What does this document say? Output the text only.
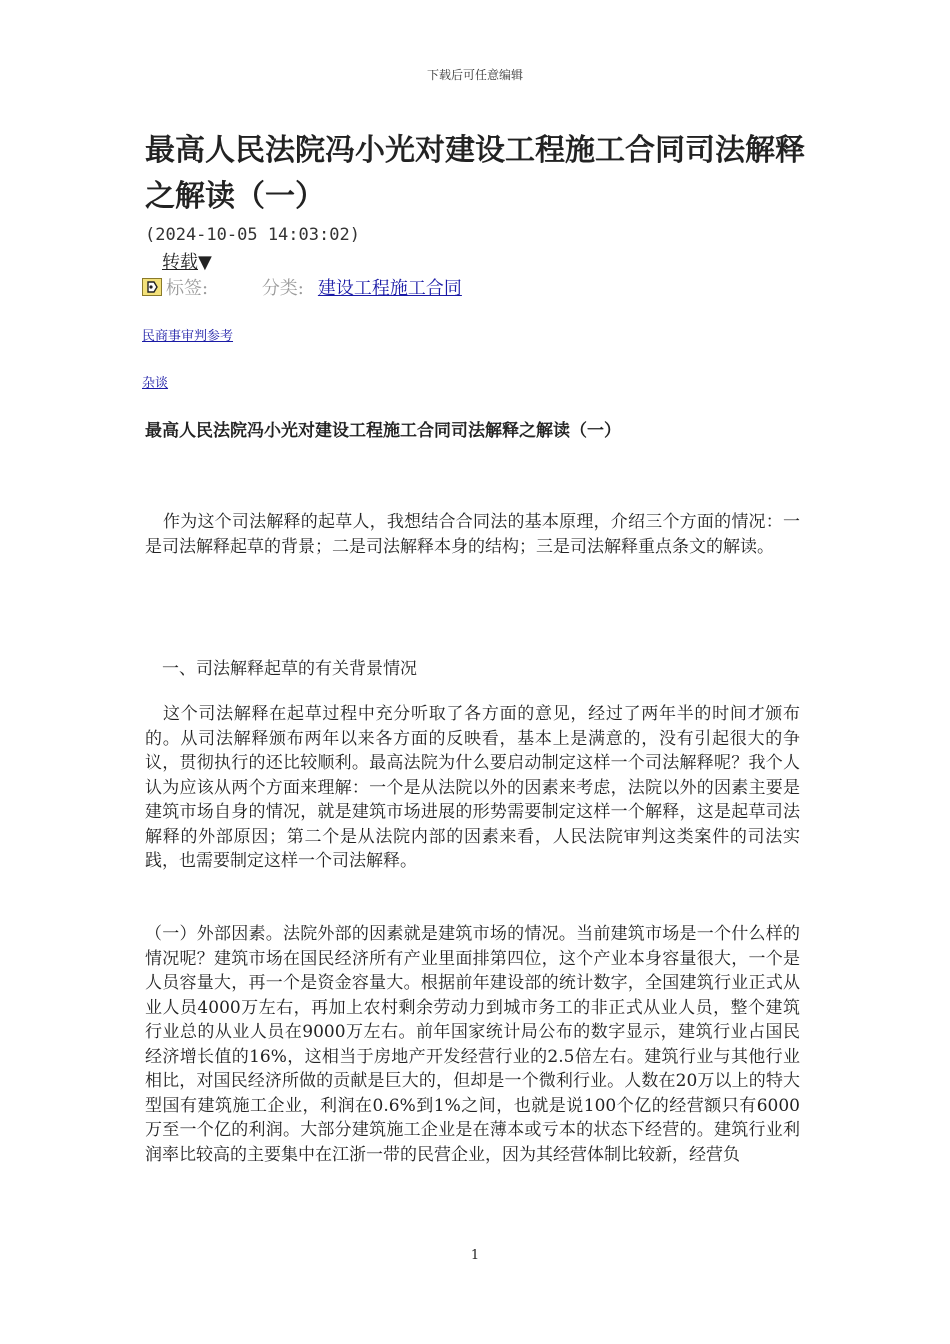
下载后可任意编辑
最高人民法院冯小光对建设工程施工合同司法解释之解读（一）
(2024-10-05 14:03:02)
转载▼
标签:	分类: 建设工程施工合同
民商事审判参考
杂谈
最高人民法院冯小光对建设工程施工合同司法解释之解读（一）

作为这个司法解释的起草人，我想结合合同法的基本原理，介绍三个方面的情况：一是司法解释起草的背景；二是司法解释本身的结构；三是司法解释重点条文的解读。

一、司法解释起草的有关背景情况

这个司法解释在起草过程中充分听取了各方面的意见，经过了两年半的时间才颁布的。从司法解释颁布两年以来各方面的反映看，基本上是满意的，没有引起很大的争议，贯彻执行的还比较顺利。最高法院为什么要启动制定这样一个司法解释呢？我个人认为应该从两个方面来理解：一个是从法院以外的因素来考虑，法院以外的因素主要是建筑市场自身的情况，就是建筑市场进展的形势需要制定这样一个解释，这是起草司法解释的外部原因；第二个是从法院内部的因素来看，人民法院审判这类案件的司法实践，也需要制定这样一个司法解释。

（一）外部因素。法院外部的因素就是建筑市场的情况。当前建筑市场是一个什么样的情况呢？建筑市场在国民经济所有产业里面排第四位，这个产业本身容量很大，一个是人员容量大，再一个是资金容量大。根据前年建设部的统计数字，全国建筑行业正式从业人员4000万左右，再加上农村剩余劳动力到城市务工的非正式从业人员，整个建筑行业总的从业人员在9000万左右。前年国家统计局公布的数字显示，建筑行业占国民经济增长值的16%，这相当于房地产开发经营行业的2.5倍左右。建筑行业与其他行业相比，对国民经济所做的贡献是巨大的，但却是一个微利行业。人数在20万以上的特大型国有建筑施工企业，利润在0.6%到1%之间，也就是说100个亿的经营额只有6000万至一个亿的利润。大部分建筑施工企业是在薄本或亏本的状态下经营的。建筑行业利润率比较高的主要集中在江浙一带的民营企业，因为其经营体制比较新，经营负

1
